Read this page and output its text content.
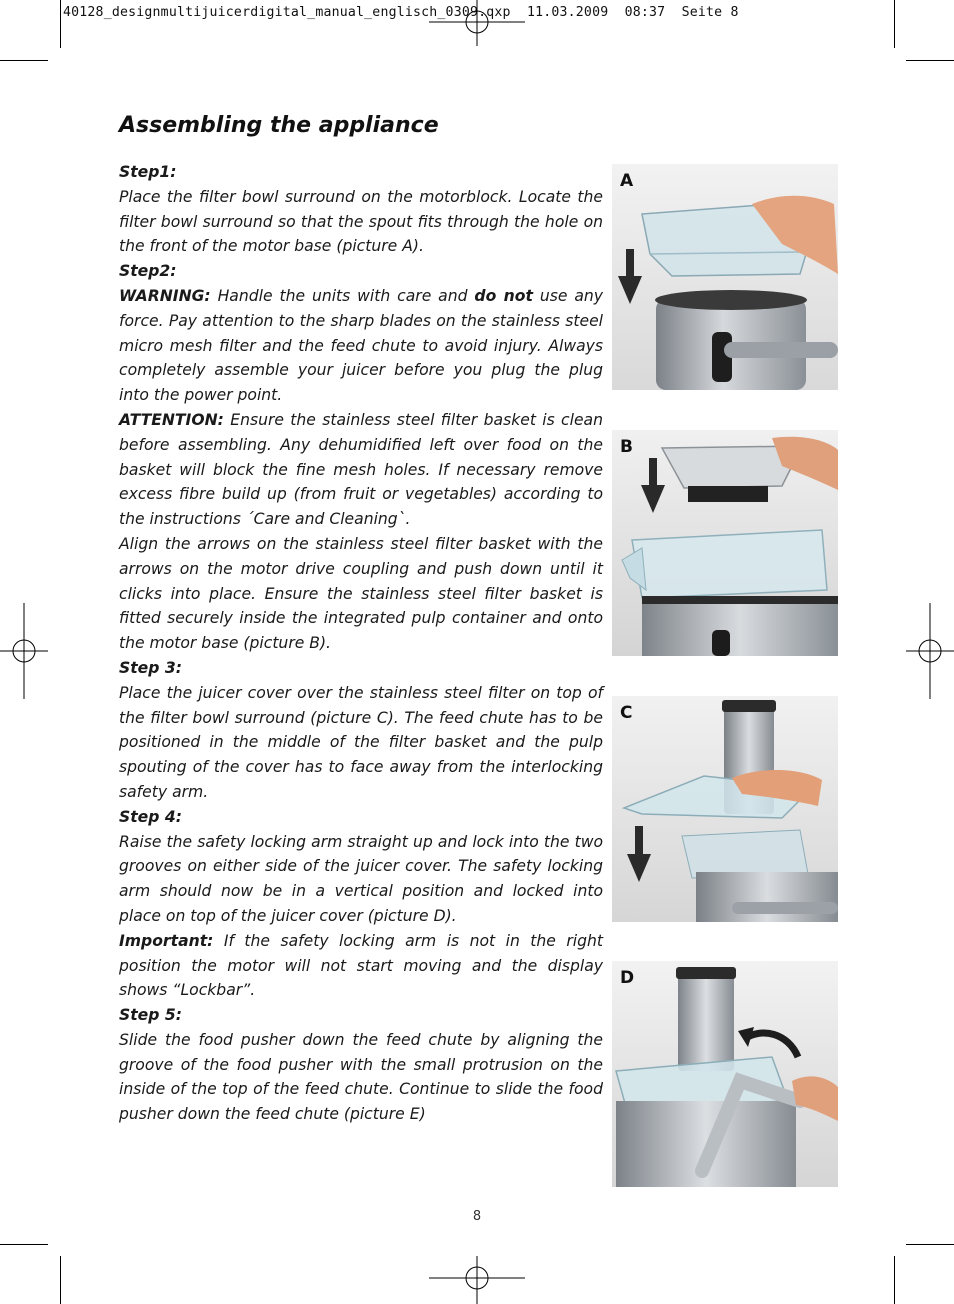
40128_designmultijuicerdigital_manual_englisch_0309.qxp  11.03.2009  08:37  Seite 8
Assembling the appliance

Step1:
Place the filter bowl surround on the motorblock. Locate the filter bowl surround so that the spout fits through the hole on the front of the motor base (picture A).

Step2:
WARNING: Handle the units with care and do not use any force. Pay attention to the sharp blades on the stainless steel micro mesh filter and the feed chute to avoid injury. Always completely assemble your juicer before you plug the plug into the power point.

ATTENTION: Ensure the stainless steel filter basket is clean before assembling. Any dehumidified left over food on the basket will block the fine mesh holes. If necessary remove excess fibre build up (from fruit or vegetables) according to the instructions ´Care and Cleaning`.

Align the arrows on the stainless steel filter basket with the arrows on the motor drive coupling and push down until it clicks into place. Ensure the stainless steel filter basket is fitted securely inside the integrated pulp container and onto the motor base (picture B).

Step 3:
Place the juicer cover over the stainless steel filter on top of the filter bowl surround (picture C). The feed chute has to be positioned in the middle of the filter basket and the pulp spouting of the cover has to face away from the interlocking safety arm.

Step 4:
Raise the safety locking arm straight up and lock into the two grooves on either side of the juicer cover. The safety locking arm should now be in a vertical position and locked into place on top of the juicer cover (picture D).

Important: If the safety locking arm is not in the right position the motor will not start moving and the display shows “Lockbar”.

Step 5:
Slide the food pusher down the feed chute by aligning the groove of the food pusher with the small protrusion on the inside of the top of the feed chute. Continue to slide the food pusher down the feed chute (picture E)

A
B
C
D
8
